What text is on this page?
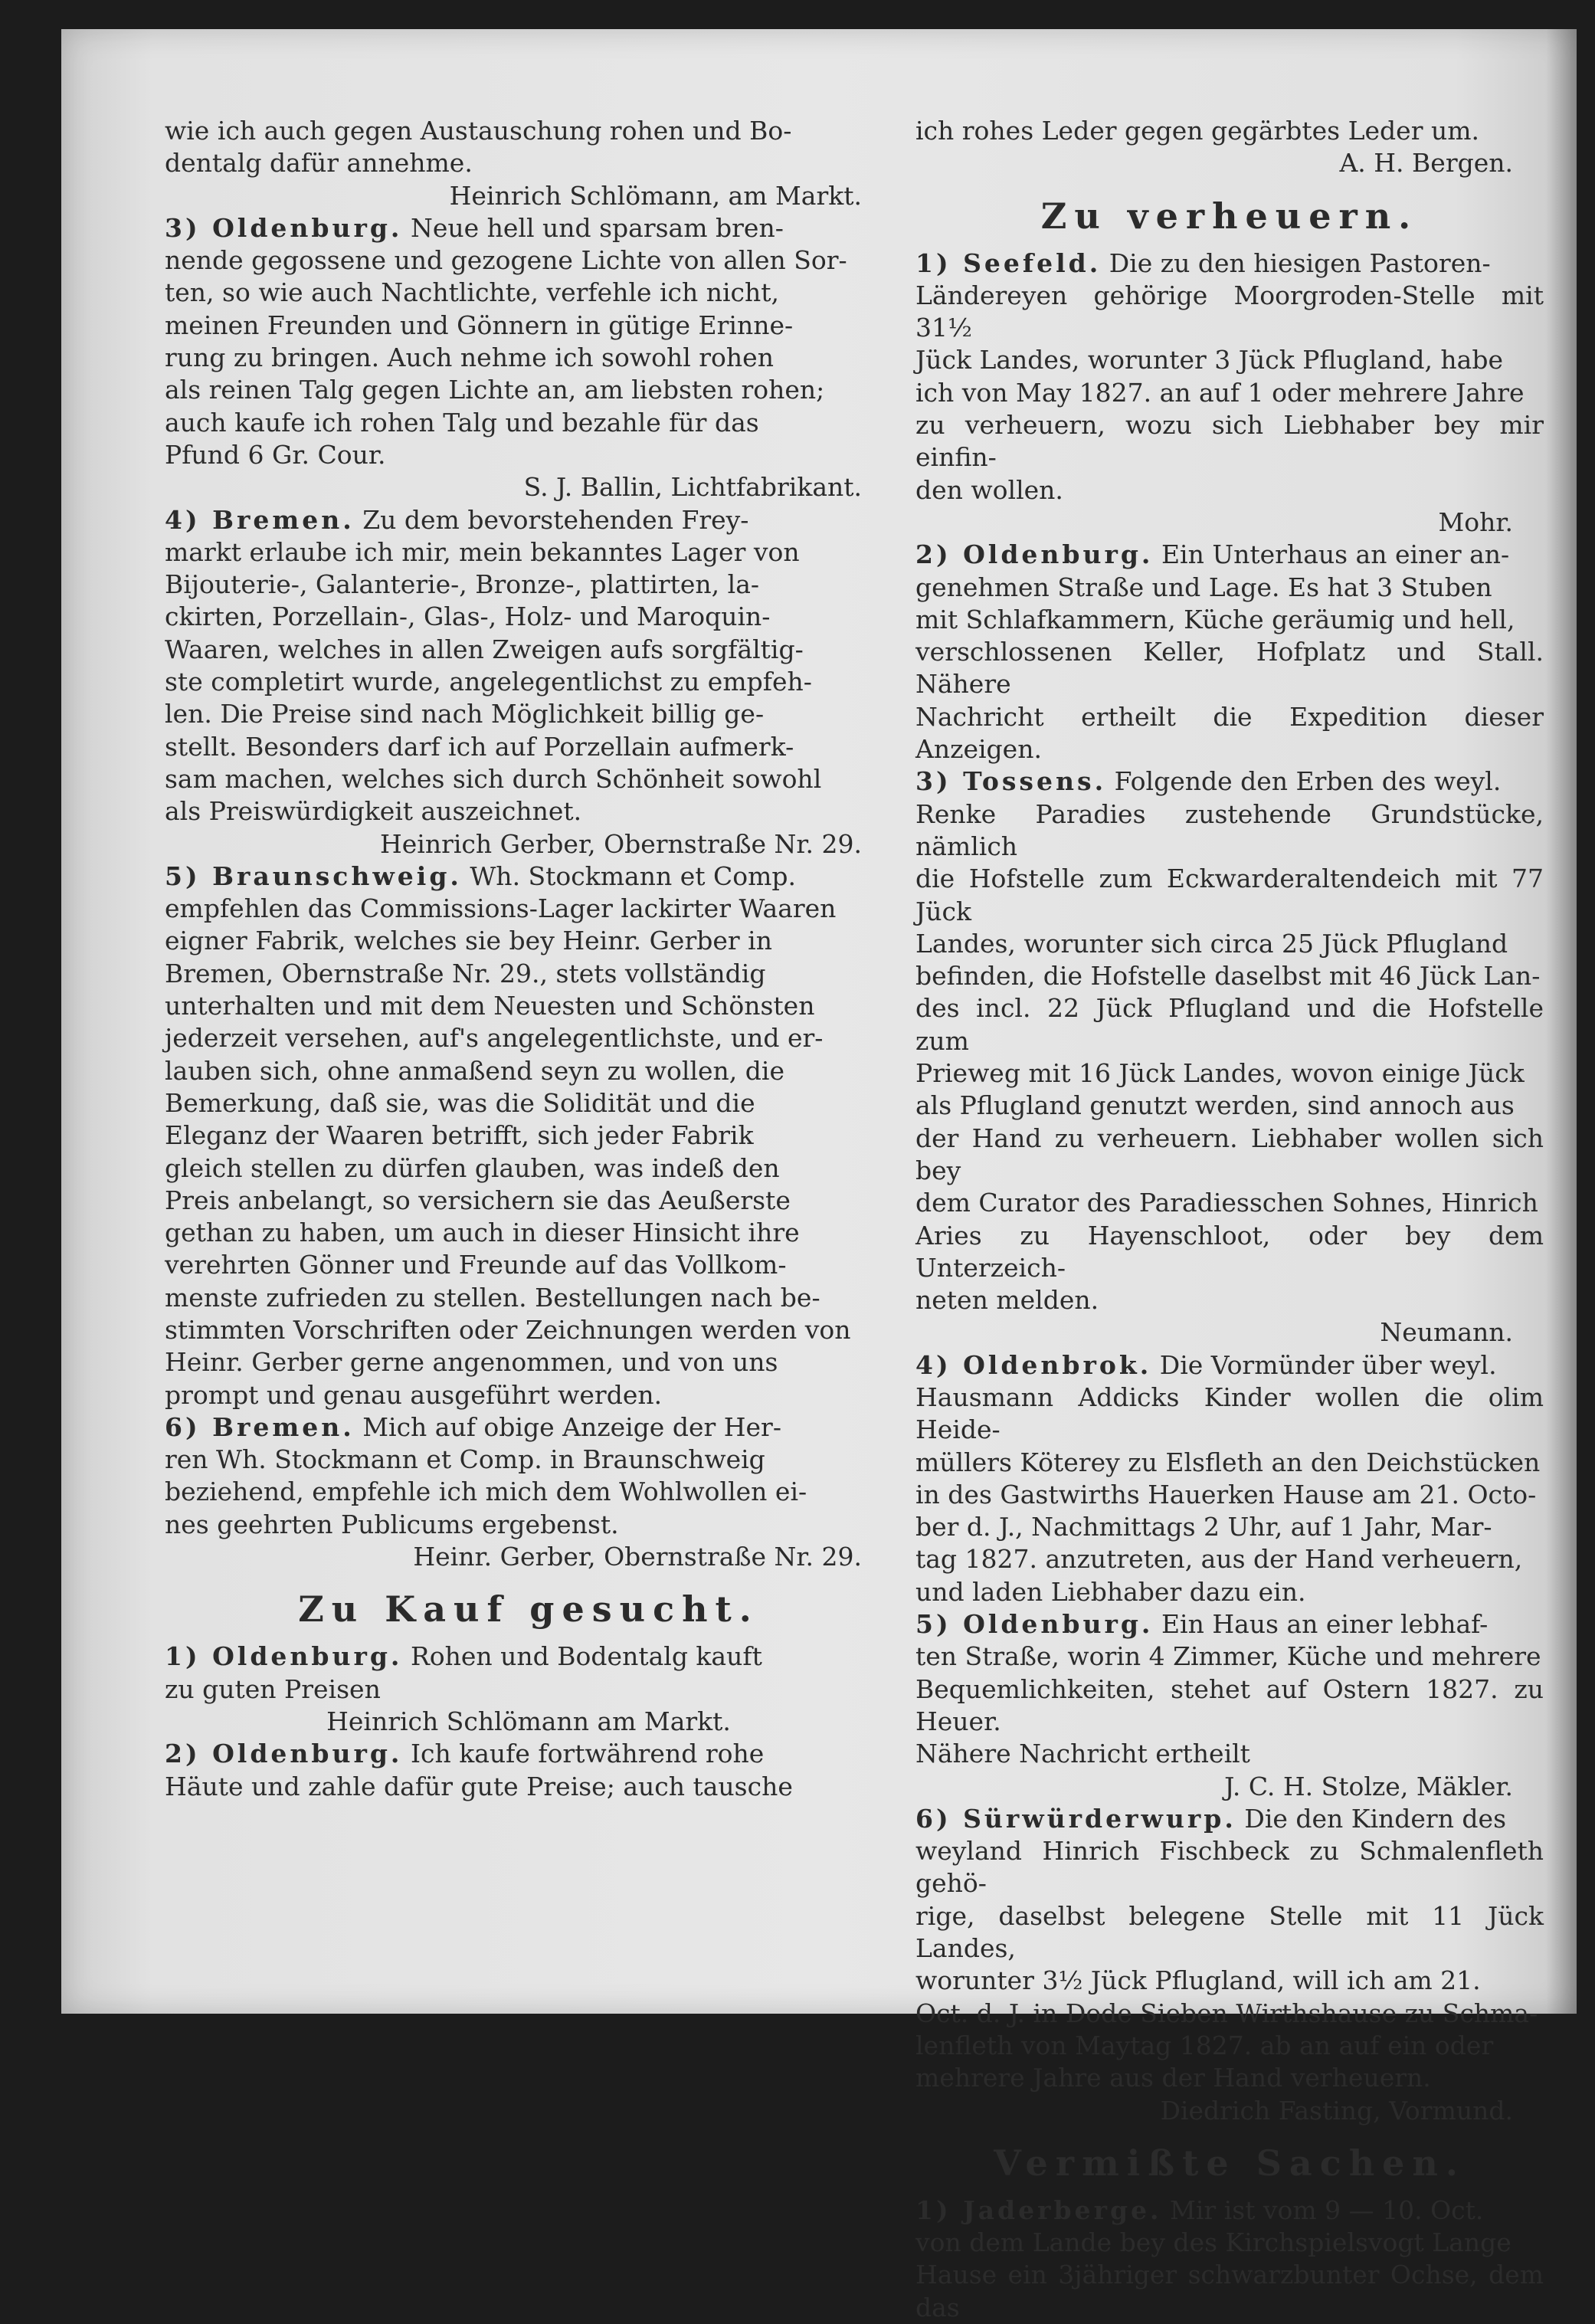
wie ich auch gegen Austauschung rohen und Bo-
dentalg dafür annehme.
Heinrich Schlömann, am Markt.
3) Oldenburg. Neue hell und sparsam bren-
nende gegossene und gezogene Lichte von allen Sor-
ten, so wie auch Nachtlichte, verfehle ich nicht,
meinen Freunden und Gönnern in gütige Erinne-
rung zu bringen. Auch nehme ich sowohl rohen
als reinen Talg gegen Lichte an, am liebsten rohen;
auch kaufe ich rohen Talg und bezahle für das
Pfund 6 Gr. Cour.
S. J. Ballin, Lichtfabrikant.
4) Bremen. Zu dem bevorstehenden Frey-
markt erlaube ich mir, mein bekanntes Lager von
Bijouterie-, Galanterie-, Bronze-, plattirten, la-
ckirten, Porzellain-, Glas-, Holz- und Maroquin-
Waaren, welches in allen Zweigen aufs sorgfältig-
ste completirt wurde, angelegentlichst zu empfeh-
len. Die Preise sind nach Möglichkeit billig ge-
stellt. Besonders darf ich auf Porzellain aufmerk-
sam machen, welches sich durch Schönheit sowohl
als Preiswürdigkeit auszeichnet.
Heinrich Gerber, Obernstraße Nr. 29.
5) Braunschweig. Wh. Stockmann et Comp.
empfehlen das Commissions-Lager lackirter Waaren
eigner Fabrik, welches sie bey Heinr. Gerber in
Bremen, Obernstraße Nr. 29., stets vollständig
unterhalten und mit dem Neuesten und Schönsten
jederzeit versehen, auf's angelegentlichste, und er-
lauben sich, ohne anmaßend seyn zu wollen, die
Bemerkung, daß sie, was die Solidität und die
Eleganz der Waaren betrifft, sich jeder Fabrik
gleich stellen zu dürfen glauben, was indeß den
Preis anbelangt, so versichern sie das Aeußerste
gethan zu haben, um auch in dieser Hinsicht ihre
verehrten Gönner und Freunde auf das Vollkom-
menste zufrieden zu stellen. Bestellungen nach be-
stimmten Vorschriften oder Zeichnungen werden von
Heinr. Gerber gerne angenommen, und von uns
prompt und genau ausgeführt werden.
6) Bremen. Mich auf obige Anzeige der Her-
ren Wh. Stockmann et Comp. in Braunschweig
beziehend, empfehle ich mich dem Wohlwollen ei-
nes geehrten Publicums ergebenst.
Heinr. Gerber, Obernstraße Nr. 29.
Zu Kauf gesucht.
1) Oldenburg. Rohen und Bodentalg kauft
zu guten Preisen
Heinrich Schlömann am Markt.
2) Oldenburg. Ich kaufe fortwährend rohe
Häute und zahle dafür gute Preise; auch tausche
ich rohes Leder gegen gegärbtes Leder um.
A. H. Bergen.
Zu verheuern.
1) Seefeld. Die zu den hiesigen Pastoren-
Ländereyen gehörige Moorgroden-Stelle mit 31½
Jück Landes, worunter 3 Jück Pflugland, habe
ich von May 1827. an auf 1 oder mehrere Jahre
zu verheuern, wozu sich Liebhaber bey mir einfin-
den wollen.
Mohr.
2) Oldenburg. Ein Unterhaus an einer an-
genehmen Straße und Lage. Es hat 3 Stuben
mit Schlafkammern, Küche geräumig und hell,
verschlossenen Keller, Hofplatz und Stall. Nähere
Nachricht ertheilt die Expedition dieser Anzeigen.
3) Tossens. Folgende den Erben des weyl.
Renke Paradies zustehende Grundstücke, nämlich
die Hofstelle zum Eckwarderaltendeich mit 77 Jück
Landes, worunter sich circa 25 Jück Pflugland
befinden, die Hofstelle daselbst mit 46 Jück Lan-
des incl. 22 Jück Pflugland und die Hofstelle zum
Prieweg mit 16 Jück Landes, wovon einige Jück
als Pflugland genutzt werden, sind annoch aus
der Hand zu verheuern. Liebhaber wollen sich bey
dem Curator des Paradiesschen Sohnes, Hinrich
Aries zu Hayenschloot, oder bey dem Unterzeich-
neten melden.
Neumann.
4) Oldenbrok. Die Vormünder über weyl.
Hausmann Addicks Kinder wollen die olim Heide-
müllers Köterey zu Elsfleth an den Deichstücken
in des Gastwirths Hauerken Hause am 21. Octo-
ber d. J., Nachmittags 2 Uhr, auf 1 Jahr, Mar-
tag 1827. anzutreten, aus der Hand verheuern,
und laden Liebhaber dazu ein.
5) Oldenburg. Ein Haus an einer lebhaf-
ten Straße, worin 4 Zimmer, Küche und mehrere
Bequemlichkeiten, stehet auf Ostern 1827. zu Heuer.
Nähere Nachricht ertheilt
J. C. H. Stolze, Mäkler.
6) Sürwürderwurp. Die den Kindern des
weyland Hinrich Fischbeck zu Schmalenfleth gehö-
rige, daselbst belegene Stelle mit 11 Jück Landes,
worunter 3½ Jück Pflugland, will ich am 21.
Oct. d. J. in Dode Sieben Wirthshause zu Schma-
lenfleth von Maytag 1827. ab an auf ein oder
mehrere Jahre aus der Hand verheuern.
Diedrich Fasting, Vormund.
Vermißte Sachen.
1) Jaderberge. Mir ist vom 9 — 10. Oct.
von dem Lande bey des Kirchspielsvogt Lange
Hause ein 3jähriger schwarzbunter Ochse, dem das
